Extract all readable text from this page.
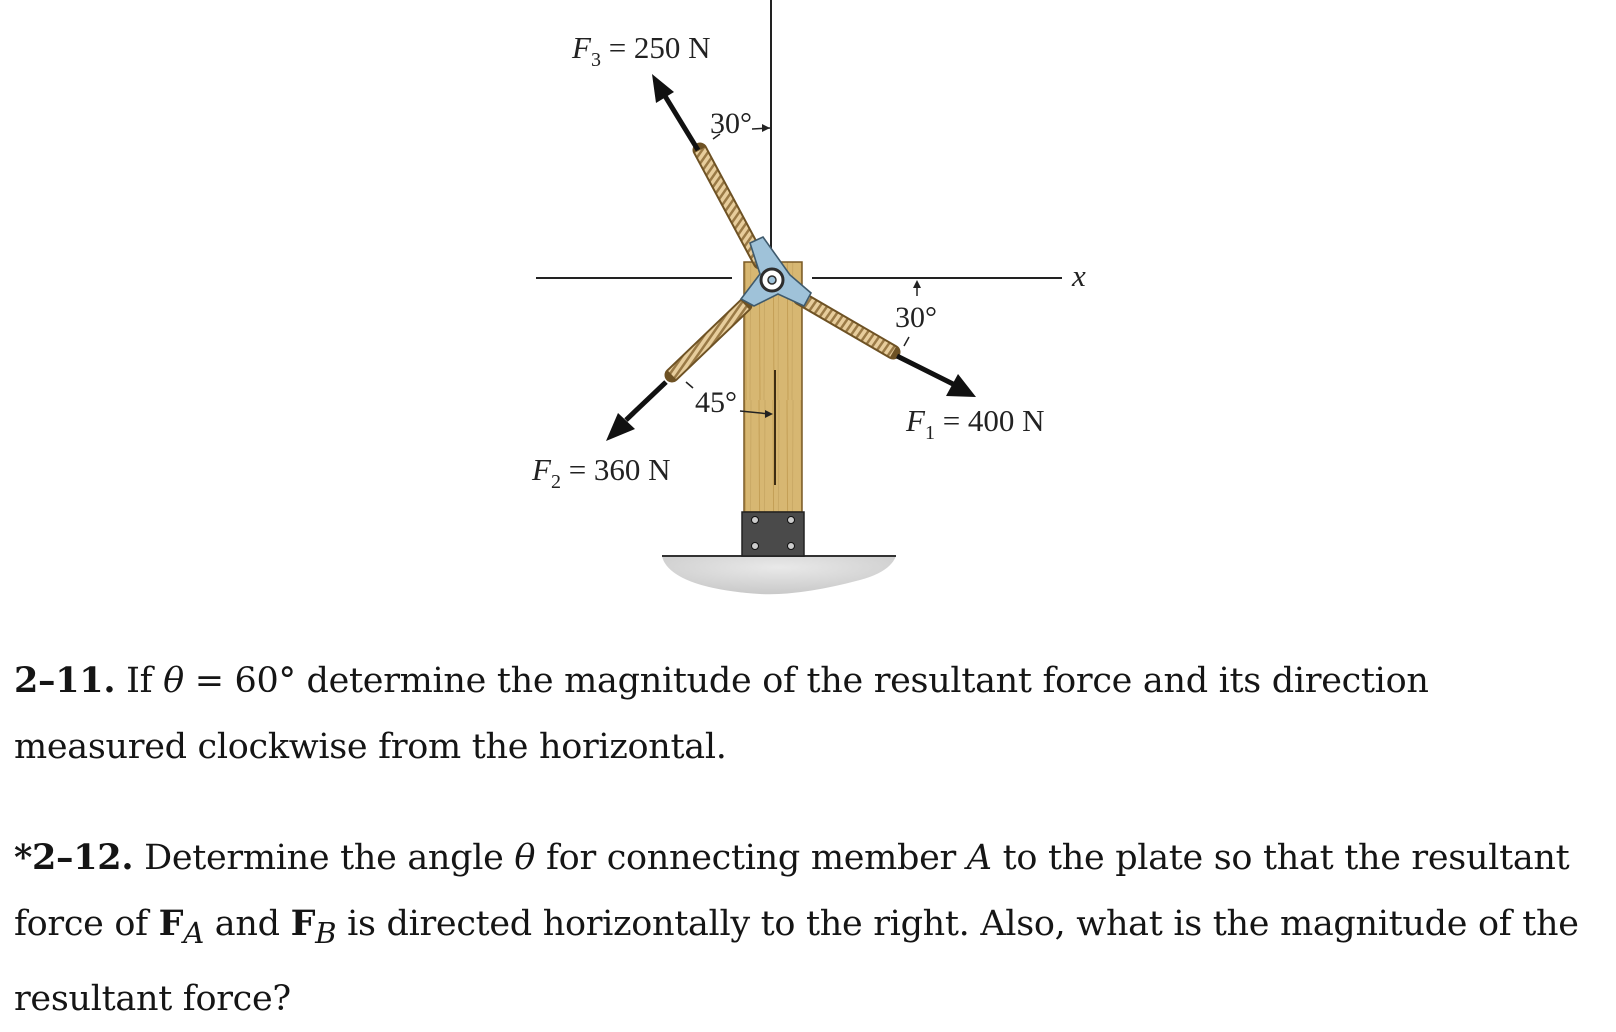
$F_3 = 250$ N
$F_2 = 360$ N
$F_1 = 400$ N
30°
30°
45°
x
2–11. If θ = 60° determine the magnitude of the resultant force and its direction measured clockwise from the horizontal.
*2–12. Determine the angle θ for connecting member A to the plate so that the resultant force of $F_A$ and $F_B$ is directed horizontally to the right. Also, what is the magnitude of the resultant force?
